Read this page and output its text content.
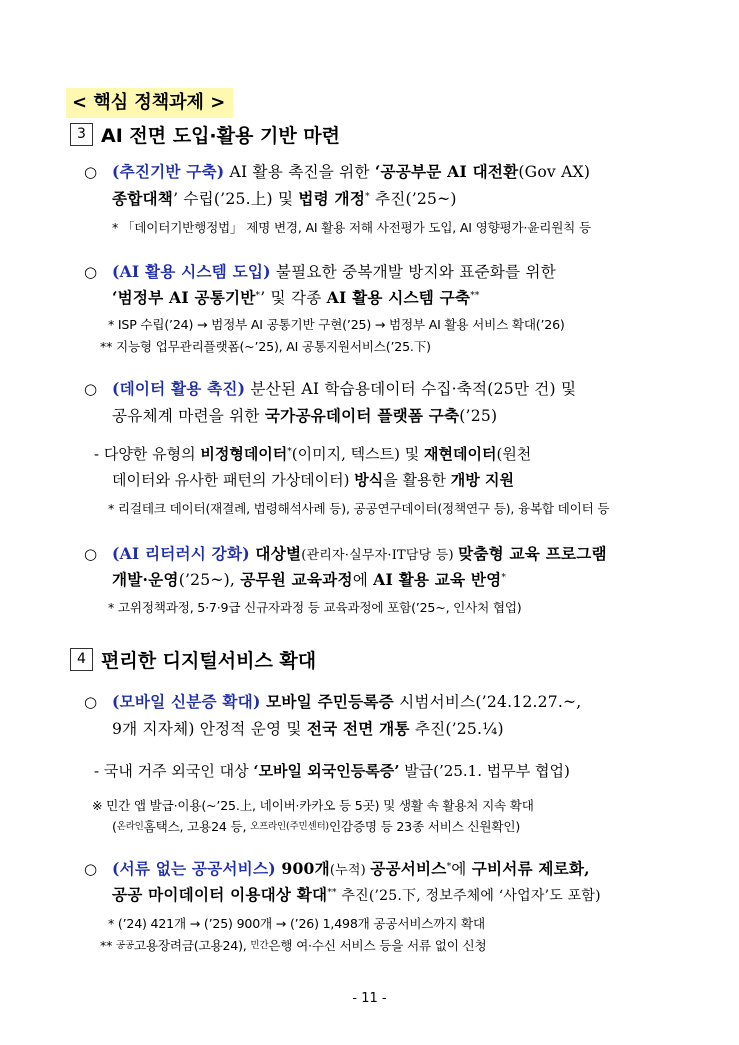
< 핵심 정책과제 >
3 AI 전면 도입·활용 기반 마련
○ (추진기반 구축) AI 활용 촉진을 위한 ‘공공부문 AI 대전환(Gov AX)
종합대책’ 수립(’25.上) 및 법령 개정* 추진(’25~)
* 「데이터기반행정법」 제명 변경, AI 활용 저해 사전평가 도입, AI 영향평가·윤리원칙 등
○ (AI 활용 시스템 도입) 불필요한 중복개발 방지와 표준화를 위한
‘범정부 AI 공통기반*’ 및 각종 AI 활용 시스템 구축**
* ISP 수립(’24) → 범정부 AI 공통기반 구현(’25) → 범정부 AI 활용 서비스 확대(’26)
** 지능형 업무관리플랫폼(~’25), AI 공통지원서비스(’25.下)
○ (데이터 활용 촉진) 분산된 AI 학습용데이터 수집·축적(25만 건) 및
공유체계 마련을 위한 국가공유데이터 플랫폼 구축(’25)
- 다양한 유형의 비정형데이터*(이미지, 텍스트) 및 재현데이터(원천
데이터와 유사한 패턴의 가상데이터) 방식을 활용한 개방 지원
* 리걸테크 데이터(재결례, 법령해석사례 등), 공공연구데이터(정책연구 등), 융복합 데이터 등
○ (AI 리터러시 강화) 대상별(관리자·실무자·IT담당 등) 맞춤형 교육 프로그램
개발·운영(’25~), 공무원 교육과정에 AI 활용 교육 반영*
* 고위정책과정, 5·7·9급 신규자과정 등 교육과정에 포함(’25~, 인사처 협업)
4 편리한 디지털서비스 확대
○ (모바일 신분증 확대) 모바일 주민등록증 시범서비스(’24.12.27.~,
9개 지자체) 안정적 운영 및 전국 전면 개통 추진(’25.¼)
- 국내 거주 외국인 대상 ‘모바일 외국인등록증’ 발급(’25.1. 법무부 협업)
※ 민간 앱 발급·이용(~’25.上, 네이버·카카오 등 5곳) 및 생활 속 활용처 지속 확대
($^{온라인}$홈택스, 고용24 등, $^{오프라인(주민센터)}$인감증명 등 23종 서비스 신원확인)
○ (서류 없는 공공서비스) 900개(누적) 공공서비스*에 구비서류 제로화,
공공 마이데이터 이용대상 확대** 추진(’25.下, 정보주체에 ‘사업자’도 포함)
* (’24) 421개 → (’25) 900개 → (’26) 1,498개 공공서비스까지 확대
** $^{공공}$고용장려금(고용24), $^{민간}$은행 여·수신 서비스 등을 서류 없이 신청
- 11 -
